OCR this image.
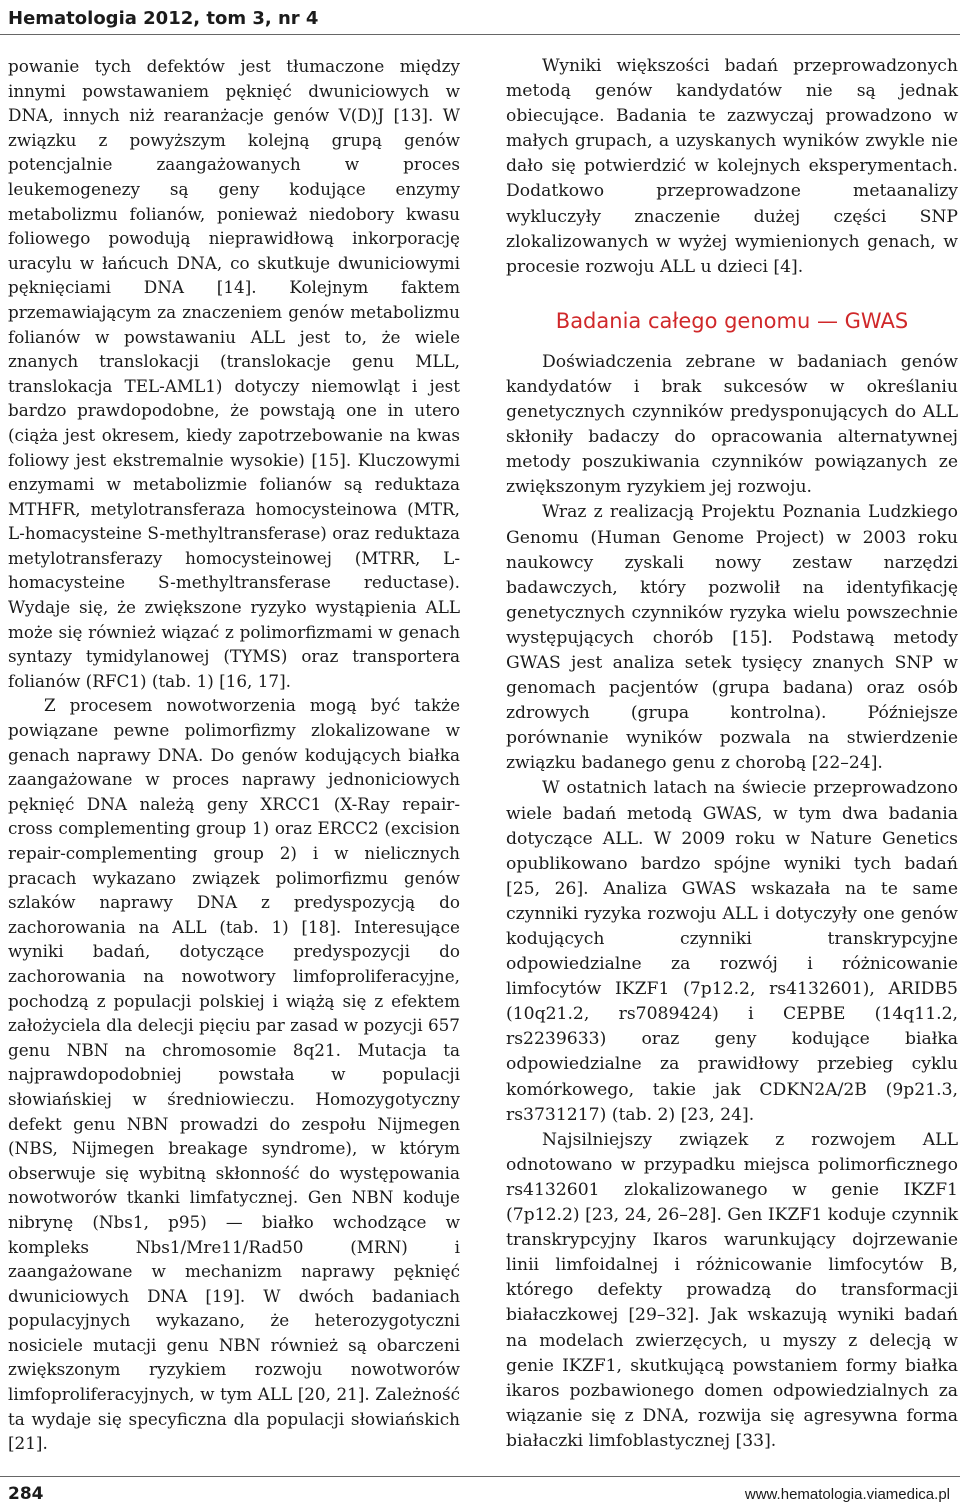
Hematologia 2012, tom 3, nr 4

powanie tych defektów jest tłumaczone między innymi powstawaniem pęknięć dwuniciowych w DNA, innych niż rearanżacje genów V(D)J [13]. W związku z powyższym kolejną grupą genów potencjalnie zaangażowanych w proces leukemogenezy są geny kodujące enzymy metabolizmu folianów, ponieważ niedobory kwasu foliowego powodują nieprawidłową inkorporację uracylu w łańcuch DNA, co skutkuje dwuniciowymi pęknięciami DNA [14]. Kolejnym faktem przemawiającym za znaczeniem genów metabolizmu folianów w powstawaniu ALL jest to, że wiele znanych translokacji (translokacje genu MLL, translokacja TEL-AML1) dotyczy niemowląt i jest bardzo prawdopodobne, że powstają one in utero (ciąża jest okresem, kiedy zapotrzebowanie na kwas foliowy jest ekstremalnie wysokie) [15]. Kluczowymi enzymami w metabolizmie folianów są reduktaza MTHFR, metylotransferaza homocysteinowa (MTR, L-homacysteine S-methyltransferase) oraz reduktaza metylotransferazy homocysteinowej (MTRR, L-homacysteine S-methyltransferase reductase). Wydaje się, że zwiększone ryzyko wystąpienia ALL może się również wiązać z polimorfizmami w genach syntazy tymidylanowej (TYMS) oraz transportera folianów (RFC1) (tab. 1) [16, 17].

Z procesem nowotworzenia mogą być także powiązane pewne polimorfizmy zlokalizowane w genach naprawy DNA. Do genów kodujących białka zaangażowane w proces naprawy jednoniciowych pęknięć DNA należą geny XRCC1 (X-Ray repair-cross complementing group 1) oraz ERCC2 (excision repair-complementing group 2) i w nielicznych pracach wykazano związek polimorfizmu genów szlaków naprawy DNA z predyspozycją do zachorowania na ALL (tab. 1) [18]. Interesujące wyniki badań, dotyczące predyspozycji do zachorowania na nowotwory limfoproliferacyjne, pochodzą z populacji polskiej i wiążą się z efektem założyciela dla delecji pięciu par zasad w pozycji 657 genu NBN na chromosomie 8q21. Mutacja ta najprawdopodobniej powstała w populacji słowiańskiej w średniowieczu. Homozygotyczny defekt genu NBN prowadzi do zespołu Nijmegen (NBS, Nijmegen breakage syndrome), w którym obserwuje się wybitną skłonność do występowania nowotworów tkanki limfatycznej. Gen NBN koduje nibrynę (Nbs1, p95) — białko wchodzące w kompleks Nbs1/Mre11/Rad50 (MRN) i zaangażowane w mechanizm naprawy pęknięć dwuniciowych DNA [19]. W dwóch badaniach populacyjnych wykazano, że heterozygotyczni nosiciele mutacji genu NBN również są obarczeni zwiększonym ryzykiem rozwoju nowotworów limfoproliferacyjnych, w tym ALL [20, 21]. Zależność ta wydaje się specyficzna dla populacji słowiańskich [21].

Wyniki większości badań przeprowadzonych metodą genów kandydatów nie są jednak obiecujące. Badania te zazwyczaj prowadzono w małych grupach, a uzyskanych wyników zwykle nie dało się potwierdzić w kolejnych eksperymentach. Dodatkowo przeprowadzone metaanalizy wykluczyły znaczenie dużej części SNP zlokalizowanych w wyżej wymienionych genach, w procesie rozwoju ALL u dzieci [4].

Badania całego genomu — GWAS

Doświadczenia zebrane w badaniach genów kandydatów i brak sukcesów w określaniu genetycznych czynników predysponujących do ALL skłoniły badaczy do opracowania alternatywnej metody poszukiwania czynników powiązanych ze zwiększonym ryzykiem jej rozwoju.

Wraz z realizacją Projektu Poznania Ludzkiego Genomu (Human Genome Project) w 2003 roku naukowcy zyskali nowy zestaw narzędzi badawczych, który pozwolił na identyfikację genetycznych czynników ryzyka wielu powszechnie występujących chorób [15]. Podstawą metody GWAS jest analiza setek tysięcy znanych SNP w genomach pacjentów (grupa badana) oraz osób zdrowych (grupa kontrolna). Późniejsze porównanie wyników pozwala na stwierdzenie związku badanego genu z chorobą [22–24].

W ostatnich latach na świecie przeprowadzono wiele badań metodą GWAS, w tym dwa badania dotyczące ALL. W 2009 roku w Nature Genetics opublikowano bardzo spójne wyniki tych badań [25, 26]. Analiza GWAS wskazała na te same czynniki ryzyka rozwoju ALL i dotyczyły one genów kodujących czynniki transkrypcyjne odpowiedzialne za rozwój i różnicowanie limfocytów IKZF1 (7p12.2, rs4132601), ARIDB5 (10q21.2, rs7089424) i CEPBE (14q11.2, rs2239633) oraz geny kodujące białka odpowiedzialne za prawidłowy przebieg cyklu komórkowego, takie jak CDKN2A/2B (9p21.3, rs3731217) (tab. 2) [23, 24].

Najsilniejszy związek z rozwojem ALL odnotowano w przypadku miejsca polimorficznego rs4132601 zlokalizowanego w genie IKZF1 (7p12.2) [23, 24, 26–28]. Gen IKZF1 koduje czynnik transkrypcyjny Ikaros warunkujący dojrzewanie linii limfoidalnej i różnicowanie limfocytów B, którego defekty prowadzą do transformacji białaczkowej [29–32]. Jak wskazują wyniki badań na modelach zwierzęcych, u myszy z delecją w genie IKZF1, skutkującą powstaniem formy białka ikaros pozbawionego domen odpowiedzialnych za wiązanie się z DNA, rozwija się agresywna forma białaczki limfoblastycznej [33].

284	www.hematologia.viamedica.pl
